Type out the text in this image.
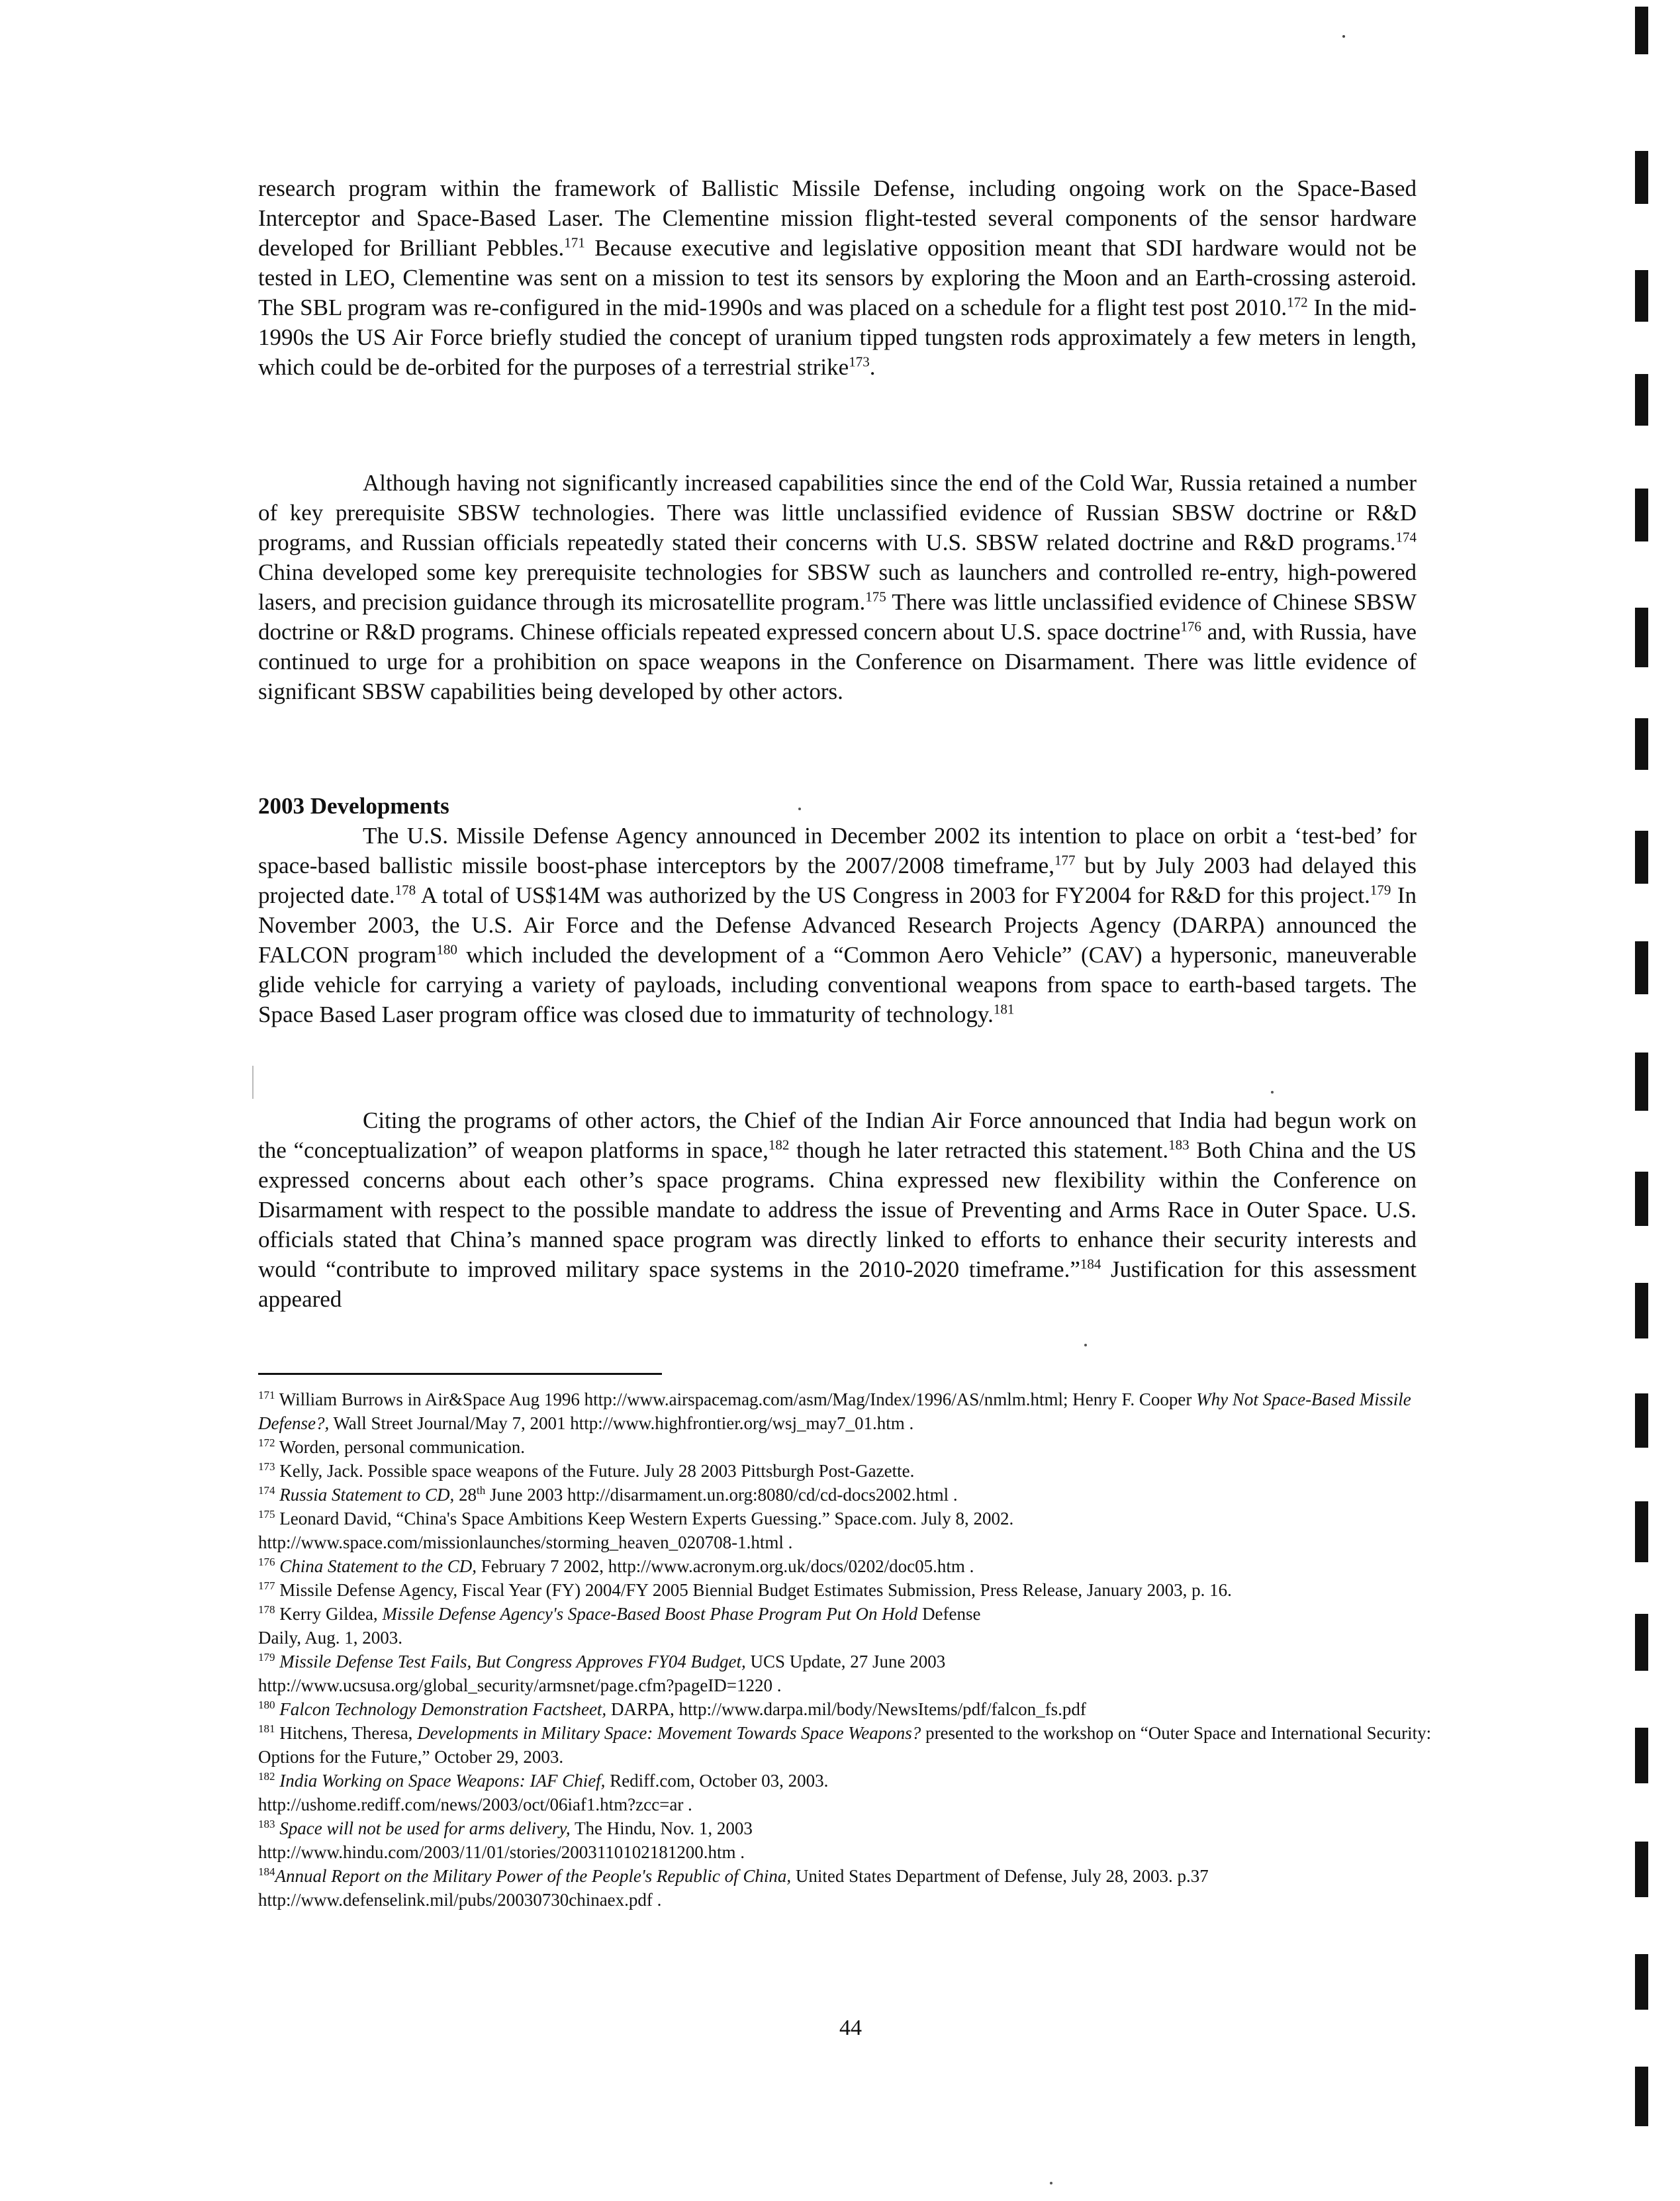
research program within the framework of Ballistic Missile Defense, including ongoing work on the Space-Based Interceptor and Space-Based Laser. The Clementine mission flight-tested several components of the sensor hardware developed for Brilliant Pebbles.$^{171}$ Because executive and legislative opposition meant that SDI hardware would not be tested in LEO, Clementine was sent on a mission to test its sensors by exploring the Moon and an Earth-crossing asteroid. The SBL program was re-configured in the mid-1990s and was placed on a schedule for a flight test post 2010.$^{172}$ In the mid-1990s the US Air Force briefly studied the concept of uranium tipped tungsten rods approximately a few meters in length, which could be de-orbited for the purposes of a terrestrial strike$^{173}$.

Although having not significantly increased capabilities since the end of the Cold War, Russia retained a number of key prerequisite SBSW technologies. There was little unclassified evidence of Russian SBSW doctrine or R&D programs, and Russian officials repeatedly stated their concerns with U.S. SBSW related doctrine and R&D programs.$^{174}$ China developed some key prerequisite technologies for SBSW such as launchers and controlled re-entry, high-powered lasers, and precision guidance through its microsatellite program.$^{175}$ There was little unclassified evidence of Chinese SBSW doctrine or R&D programs. Chinese officials repeated expressed concern about U.S. space doctrine$^{176}$ and, with Russia, have continued to urge for a prohibition on space weapons in the Conference on Disarmament. There was little evidence of significant SBSW capabilities being developed by other actors.

2003 Developments

The U.S. Missile Defense Agency announced in December 2002 its intention to place on orbit a ‘test-bed’ for space-based ballistic missile boost-phase interceptors by the 2007/2008 timeframe,$^{177}$ but by July 2003 had delayed this projected date.$^{178}$ A total of US$14M was authorized by the US Congress in 2003 for FY2004 for R&D for this project.$^{179}$ In November 2003, the U.S. Air Force and the Defense Advanced Research Projects Agency (DARPA) announced the FALCON program$^{180}$ which included the development of a “Common Aero Vehicle” (CAV) a hypersonic, maneuverable glide vehicle for carrying a variety of payloads, including conventional weapons from space to earth-based targets. The Space Based Laser program office was closed due to immaturity of technology.$^{181}$

Citing the programs of other actors, the Chief of the Indian Air Force announced that India had begun work on the “conceptualization” of weapon platforms in space,$^{182}$ though he later retracted this statement.$^{183}$ Both China and the US expressed concerns about each other’s space programs. China expressed new flexibility within the Conference on Disarmament with respect to the possible mandate to address the issue of Preventing and Arms Race in Outer Space. U.S. officials stated that China’s manned space program was directly linked to efforts to enhance their security interests and would “contribute to improved military space systems in the 2010-2020 timeframe.”$^{184}$ Justification for this assessment appeared

$^{171}$ William Burrows in Air&Space Aug 1996 http://www.airspacemag.com/asm/Mag/Index/1996/AS/nmlm.html; Henry F. Cooper Why Not Space-Based Missile Defense?, Wall Street Journal/May 7, 2001 http://www.highfrontier.org/wsj_may7_01.htm .

$^{172}$ Worden, personal communication.

$^{173}$ Kelly, Jack. Possible space weapons of the Future. July 28 2003 Pittsburgh Post-Gazette.

$^{174}$ Russia Statement to CD, 28th June 2003 http://disarmament.un.org:8080/cd/cd-docs2002.html .

$^{175}$ Leonard David, “China's Space Ambitions Keep Western Experts Guessing.” Space.com. July 8, 2002.

http://www.space.com/missionlaunches/storming_heaven_020708-1.html .

$^{176}$ China Statement to the CD, February 7 2002, http://www.acronym.org.uk/docs/0202/doc05.htm .

$^{177}$ Missile Defense Agency, Fiscal Year (FY) 2004/FY 2005 Biennial Budget Estimates Submission, Press Release, January 2003, p. 16.

$^{178}$ Kerry Gildea, Missile Defense Agency's Space-Based Boost Phase Program Put On Hold Defense

Daily, Aug. 1, 2003.

$^{179}$ Missile Defense Test Fails, But Congress Approves FY04 Budget, UCS Update, 27 June 2003

http://www.ucsusa.org/global_security/armsnet/page.cfm?pageID=1220 .

$^{180}$ Falcon Technology Demonstration Factsheet, DARPA, http://www.darpa.mil/body/NewsItems/pdf/falcon_fs.pdf

$^{181}$ Hitchens, Theresa, Developments in Military Space: Movement Towards Space Weapons? presented to the workshop on “Outer Space and International Security: Options for the Future,” October 29, 2003.

$^{182}$ India Working on Space Weapons: IAF Chief, Rediff.com, October 03, 2003.

http://ushome.rediff.com/news/2003/oct/06iaf1.htm?zcc=ar .

$^{183}$ Space will not be used for arms delivery, The Hindu, Nov. 1, 2003

http://www.hindu.com/2003/11/01/stories/2003110102181200.htm .

$^{184}$Annual Report on the Military Power of the People's Republic of China, United States Department of Defense, July 28, 2003. p.37

http://www.defenselink.mil/pubs/20030730chinaex.pdf .

44
